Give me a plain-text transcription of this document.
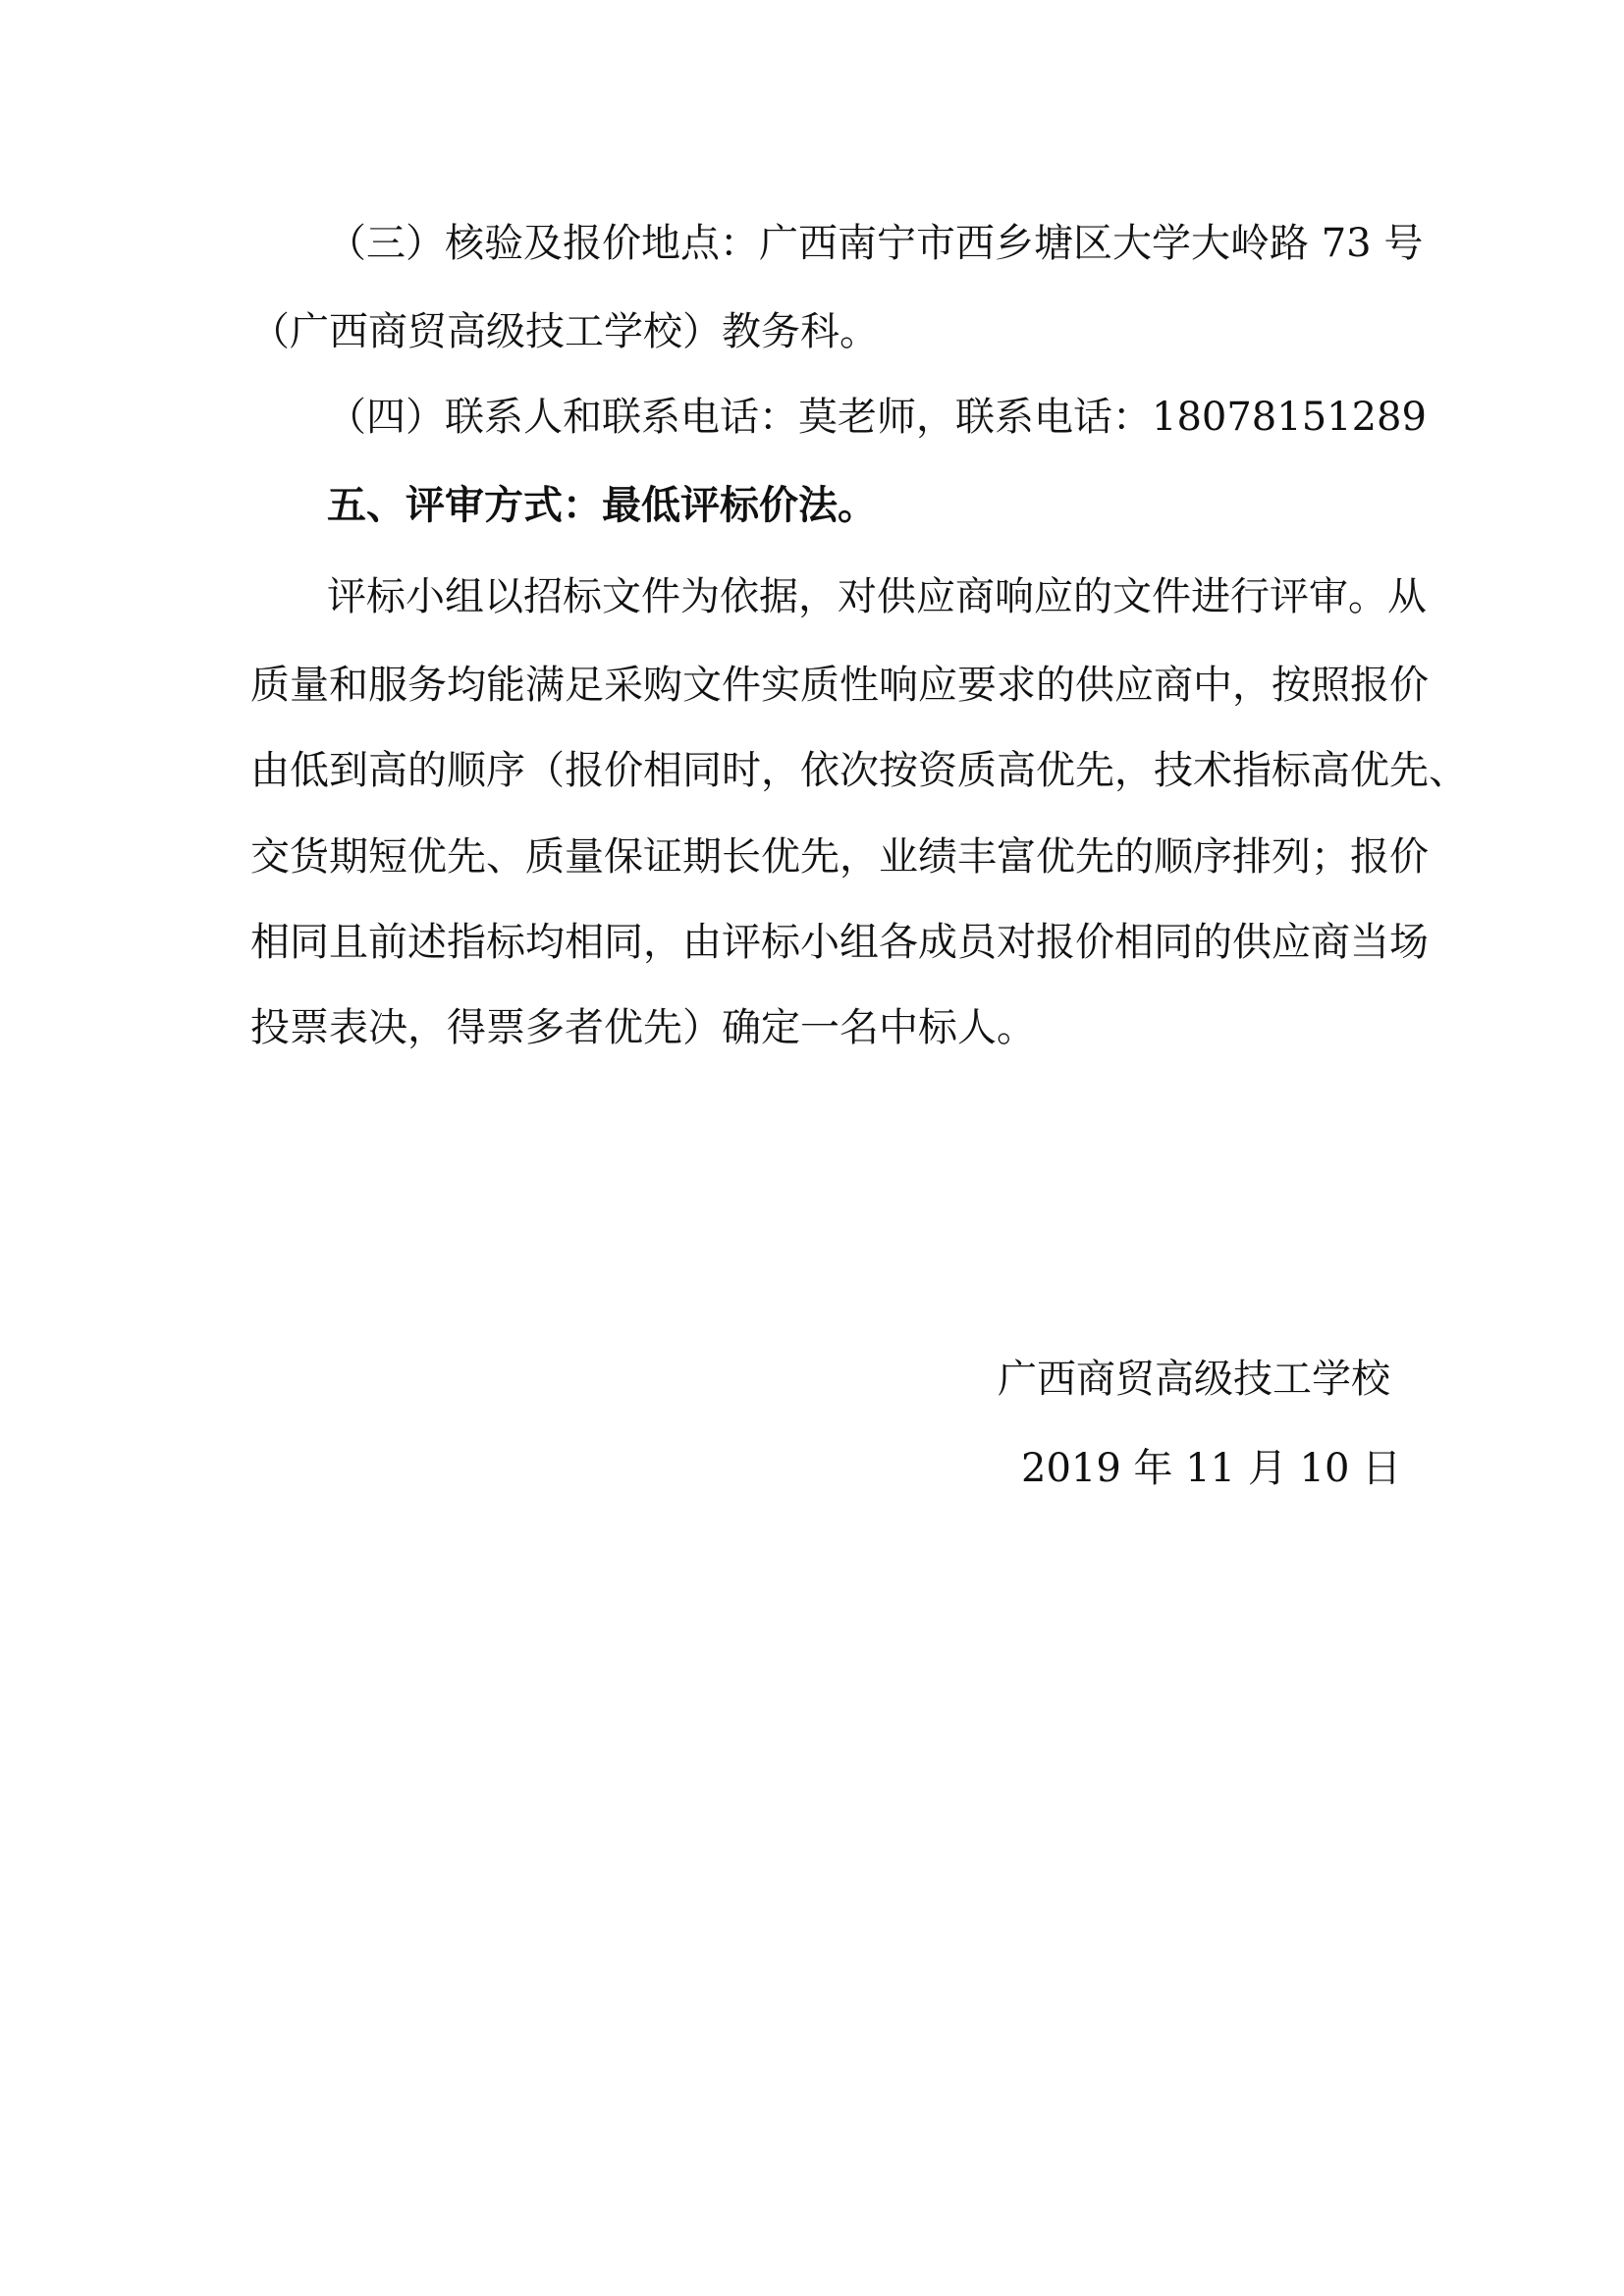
（三）核验及报价地点：广西南宁市西乡塘区大学大岭路 73 号
（广西商贸高级技工学校）教务科。
（四）联系人和联系电话：莫老师，联系电话：18078151289
五、评审方式：最低评标价法。
评标小组以招标文件为依据，对供应商响应的文件进行评审。从
质量和服务均能满足采购文件实质性响应要求的供应商中，按照报价
由低到高的顺序（报价相同时，依次按资质高优先，技术指标高优先、
交货期短优先、质量保证期长优先，业绩丰富优先的顺序排列；报价
相同且前述指标均相同，由评标小组各成员对报价相同的供应商当场
投票表决，得票多者优先）确定一名中标人。
广西商贸高级技工学校
2019 年 11 月 10 日
